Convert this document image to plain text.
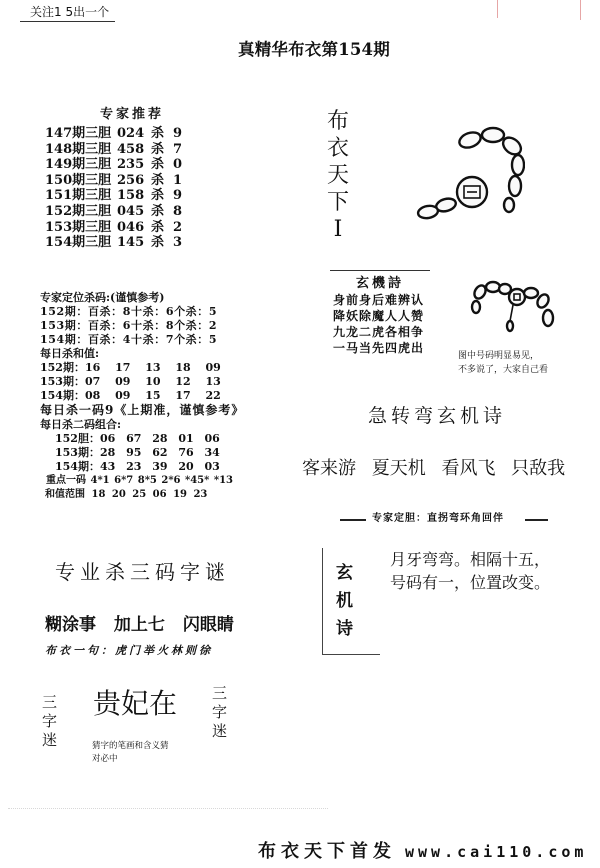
关注1 5出一个
真精华布衣第154期
专家推荐
147期三胆 024 杀 9
148期三胆 458 杀 7
149期三胆 235 杀 0
150期三胆 256 杀 1
151期三胆 158 杀 9
152期三胆 045 杀 8
153期三胆 046 杀 2
154期三胆 145 杀 3
专家定位杀码:(谨慎参考)
152期：百杀：8十杀：6个杀：5
153期：百杀：6十杀：8个杀：2
154期：百杀：4十杀：7个杀：5
每日杀和值:
152期：16 17 13 18 09
153期：07 09 10 12 13
154期：08 09 15 17 22
每日杀一码9《上期准，谨慎参考》
每日杀二码组合:
152胆：06 67 28 01 06
153期：28 95 62 76 34
154期：43 23 39 20 03
重点一码 4*1 6*7 8*5 2*6 *45* *13
和值范围 18 20 25 06 19 23
专业杀三码字谜
糊涂事 加上七 闪眼睛
布衣一句：虎门举火林则徐
三
字
迷
贵妃在 三
字
迷
猜字的笔画和含义猜
对必中
布
衣
天
下
I
玄機詩
身前身后难辨认
降妖除魔人人赞
九龙二虎各相争
一马当先四虎出
图中号码明显易见，
不多说了，大家自己看
急转弯玄机诗
客来游 夏天机 看风飞 只敌我
专家定胆：直拐弯环角回伴
玄
机
诗
月牙弯弯。相隔十五，
号码有一，位置改变。
布衣天下首发 www.cai110.com
